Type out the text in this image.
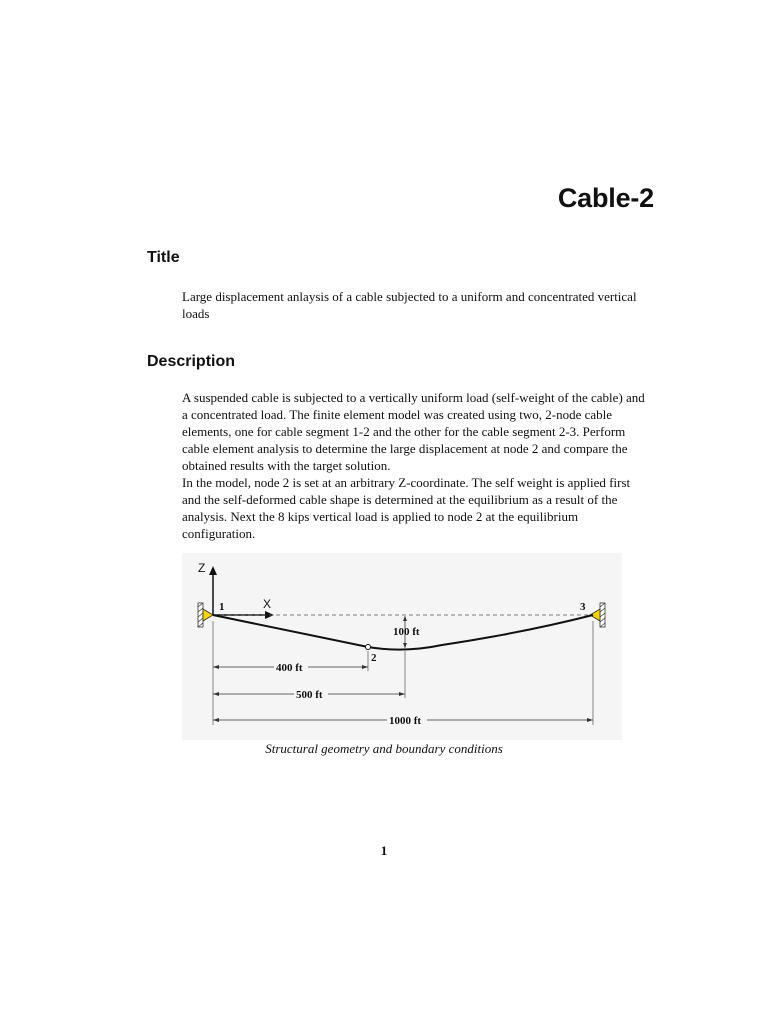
Cable-2
Title

Large displacement anlaysis of a cable subjected to a uniform and concentrated vertical loads

Description

A suspended cable is subjected to a vertically uniform load (self-weight of the cable) and a concentrated load. The finite element model was created using two, 2-node cable elements, one for cable segment 1-2 and the other for the cable segment 2-3. Perform cable element analysis to determine the large displacement at node 2 and compare the obtained results with the target solution.

In the model, node 2 is set at an arbitrary Z-coordinate. The self weight is applied first and the self-deformed cable shape is determined at the equilibrium as a result of the analysis. Next the 8 kips vertical load is applied to node 2 at the equilibrium configuration.

Z
X
1
2
3
100 ft
400 ft
500 ft
1000 ft

Structural geometry and boundary conditions

1
